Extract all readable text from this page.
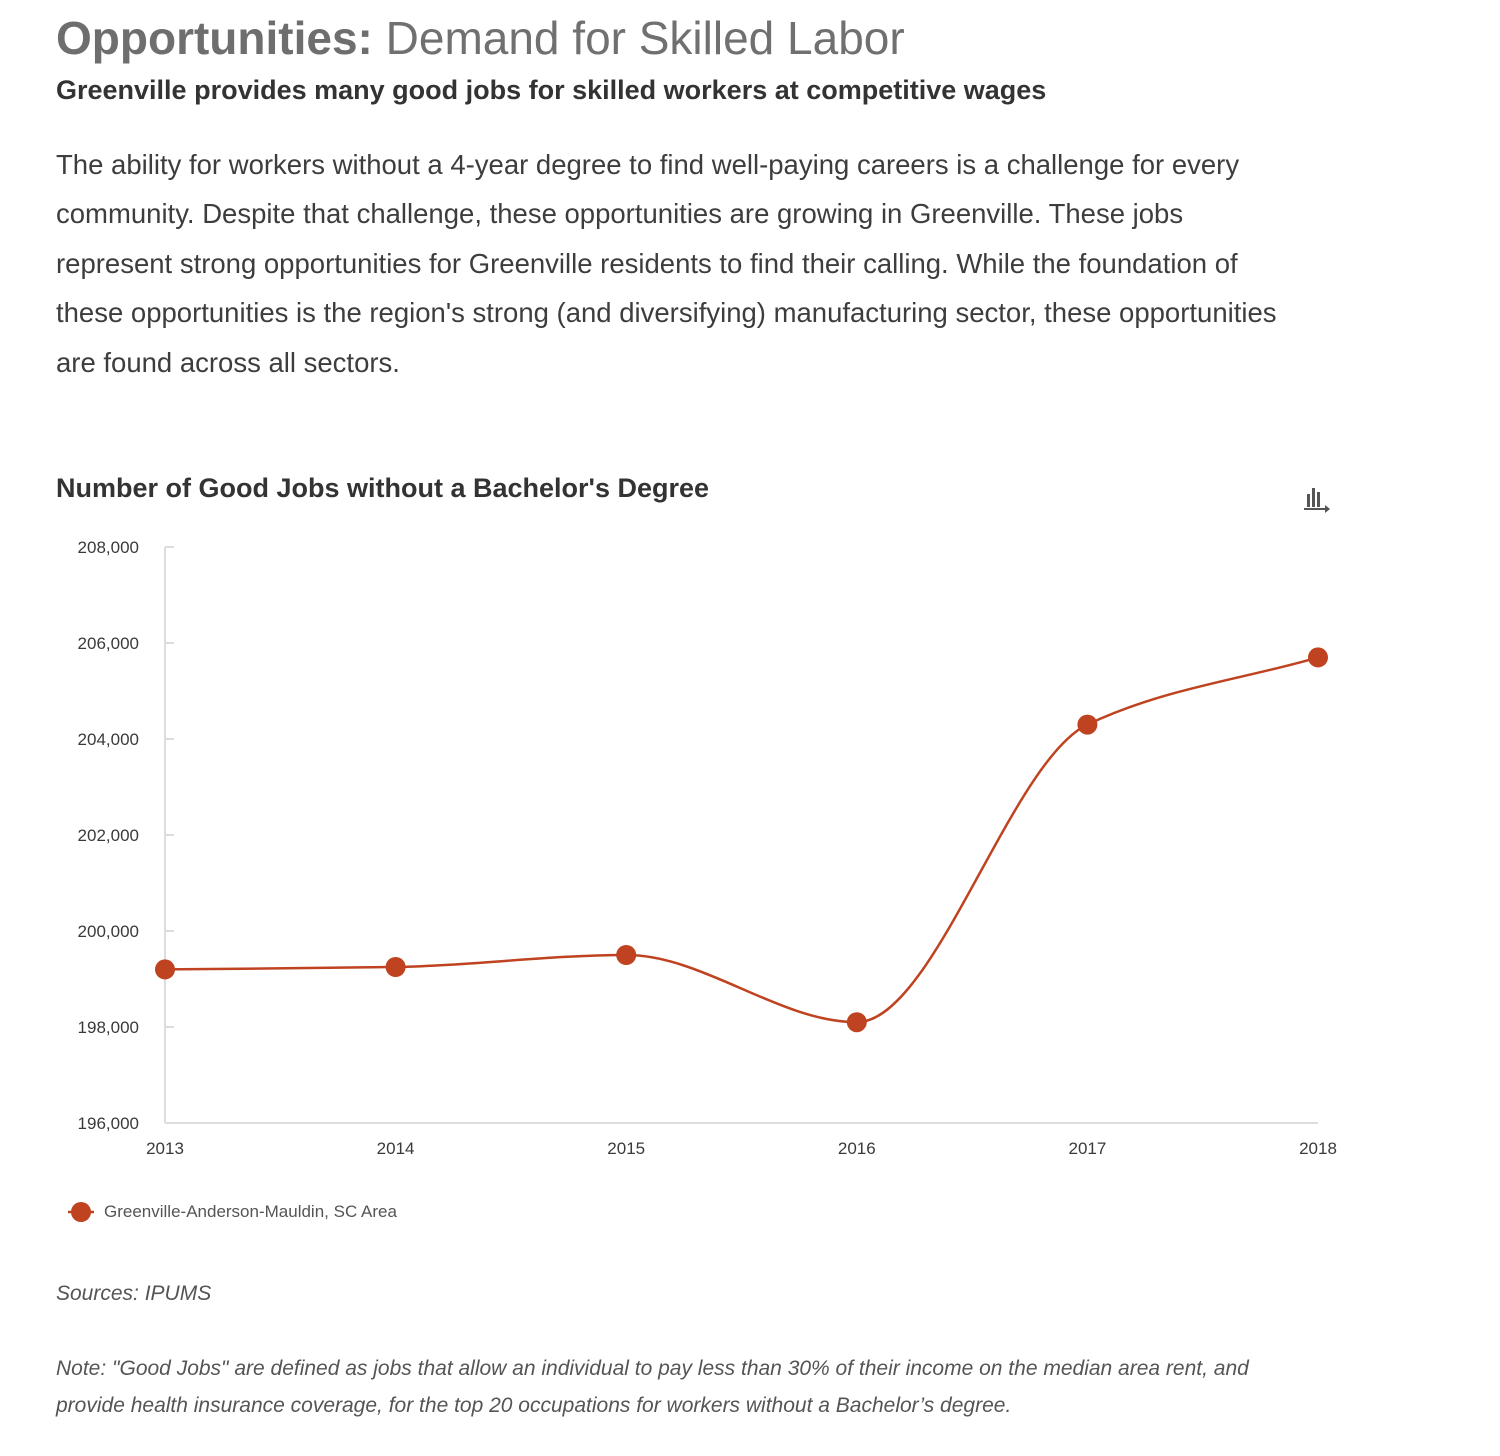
Opportunities: Demand for Skilled Labor
Greenville provides many good jobs for skilled workers at competitive wages

The ability for workers without a 4-year degree to find well-paying careers is a challenge for every community. Despite that challenge, these opportunities are growing in Greenville. These jobs represent strong opportunities for Greenville residents to find their calling. While the foundation of these opportunities is the region's strong (and diversifying) manufacturing sector, these opportunities are found across all sectors.

Number of Good Jobs without a Bachelor's Degree
196,000
198,000
200,000
202,000
204,000
206,000
208,000
2013	2014	2015	2016	2017	2018
Greenville-Anderson-Mauldin, SC Area

Sources: IPUMS

Note: "Good Jobs" are defined as jobs that allow an individual to pay less than 30% of their income on the median area rent, and provide health insurance coverage, for the top 20 occupations for workers without a Bachelor’s degree.
